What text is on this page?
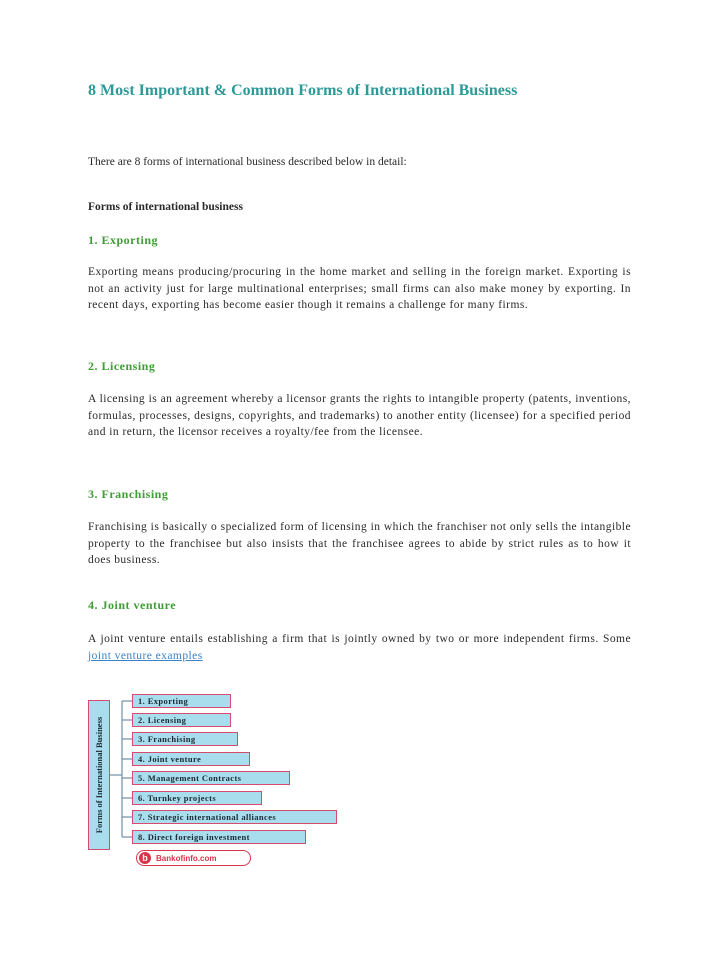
8 Most Important & Common Forms of International Business

There are 8 forms of international business described below in detail:

Forms of international business

1. Exporting

Exporting means producing/procuring in the home market and selling in the foreign market. Exporting is not an activity just for large multinational enterprises; small firms can also make money by exporting. In recent days, exporting has become easier though it remains a challenge for many firms.

2. Licensing

A licensing is an agreement whereby a licensor grants the rights to intangible property (patents, inventions, formulas, processes, designs, copyrights, and trademarks) to another entity (licensee) for a specified period and in return, the licensor receives a royalty/fee from the licensee.

3. Franchising

Franchising is basically o specialized form of licensing in which the franchiser not only sells the intangible property to the franchisee but also insists that the franchisee agrees to abide by strict rules as to how it does business.

4. Joint venture

A joint venture entails establishing a firm that is jointly owned by two or more independent firms. Some joint venture examples

Forms of International Business
1. Exporting
2. Licensing
3. Franchising
4. Joint venture
5. Management Contracts
6. Turnkey projects
7. Strategic international alliances
8. Direct foreign investment
b	Bankofinfo.com
